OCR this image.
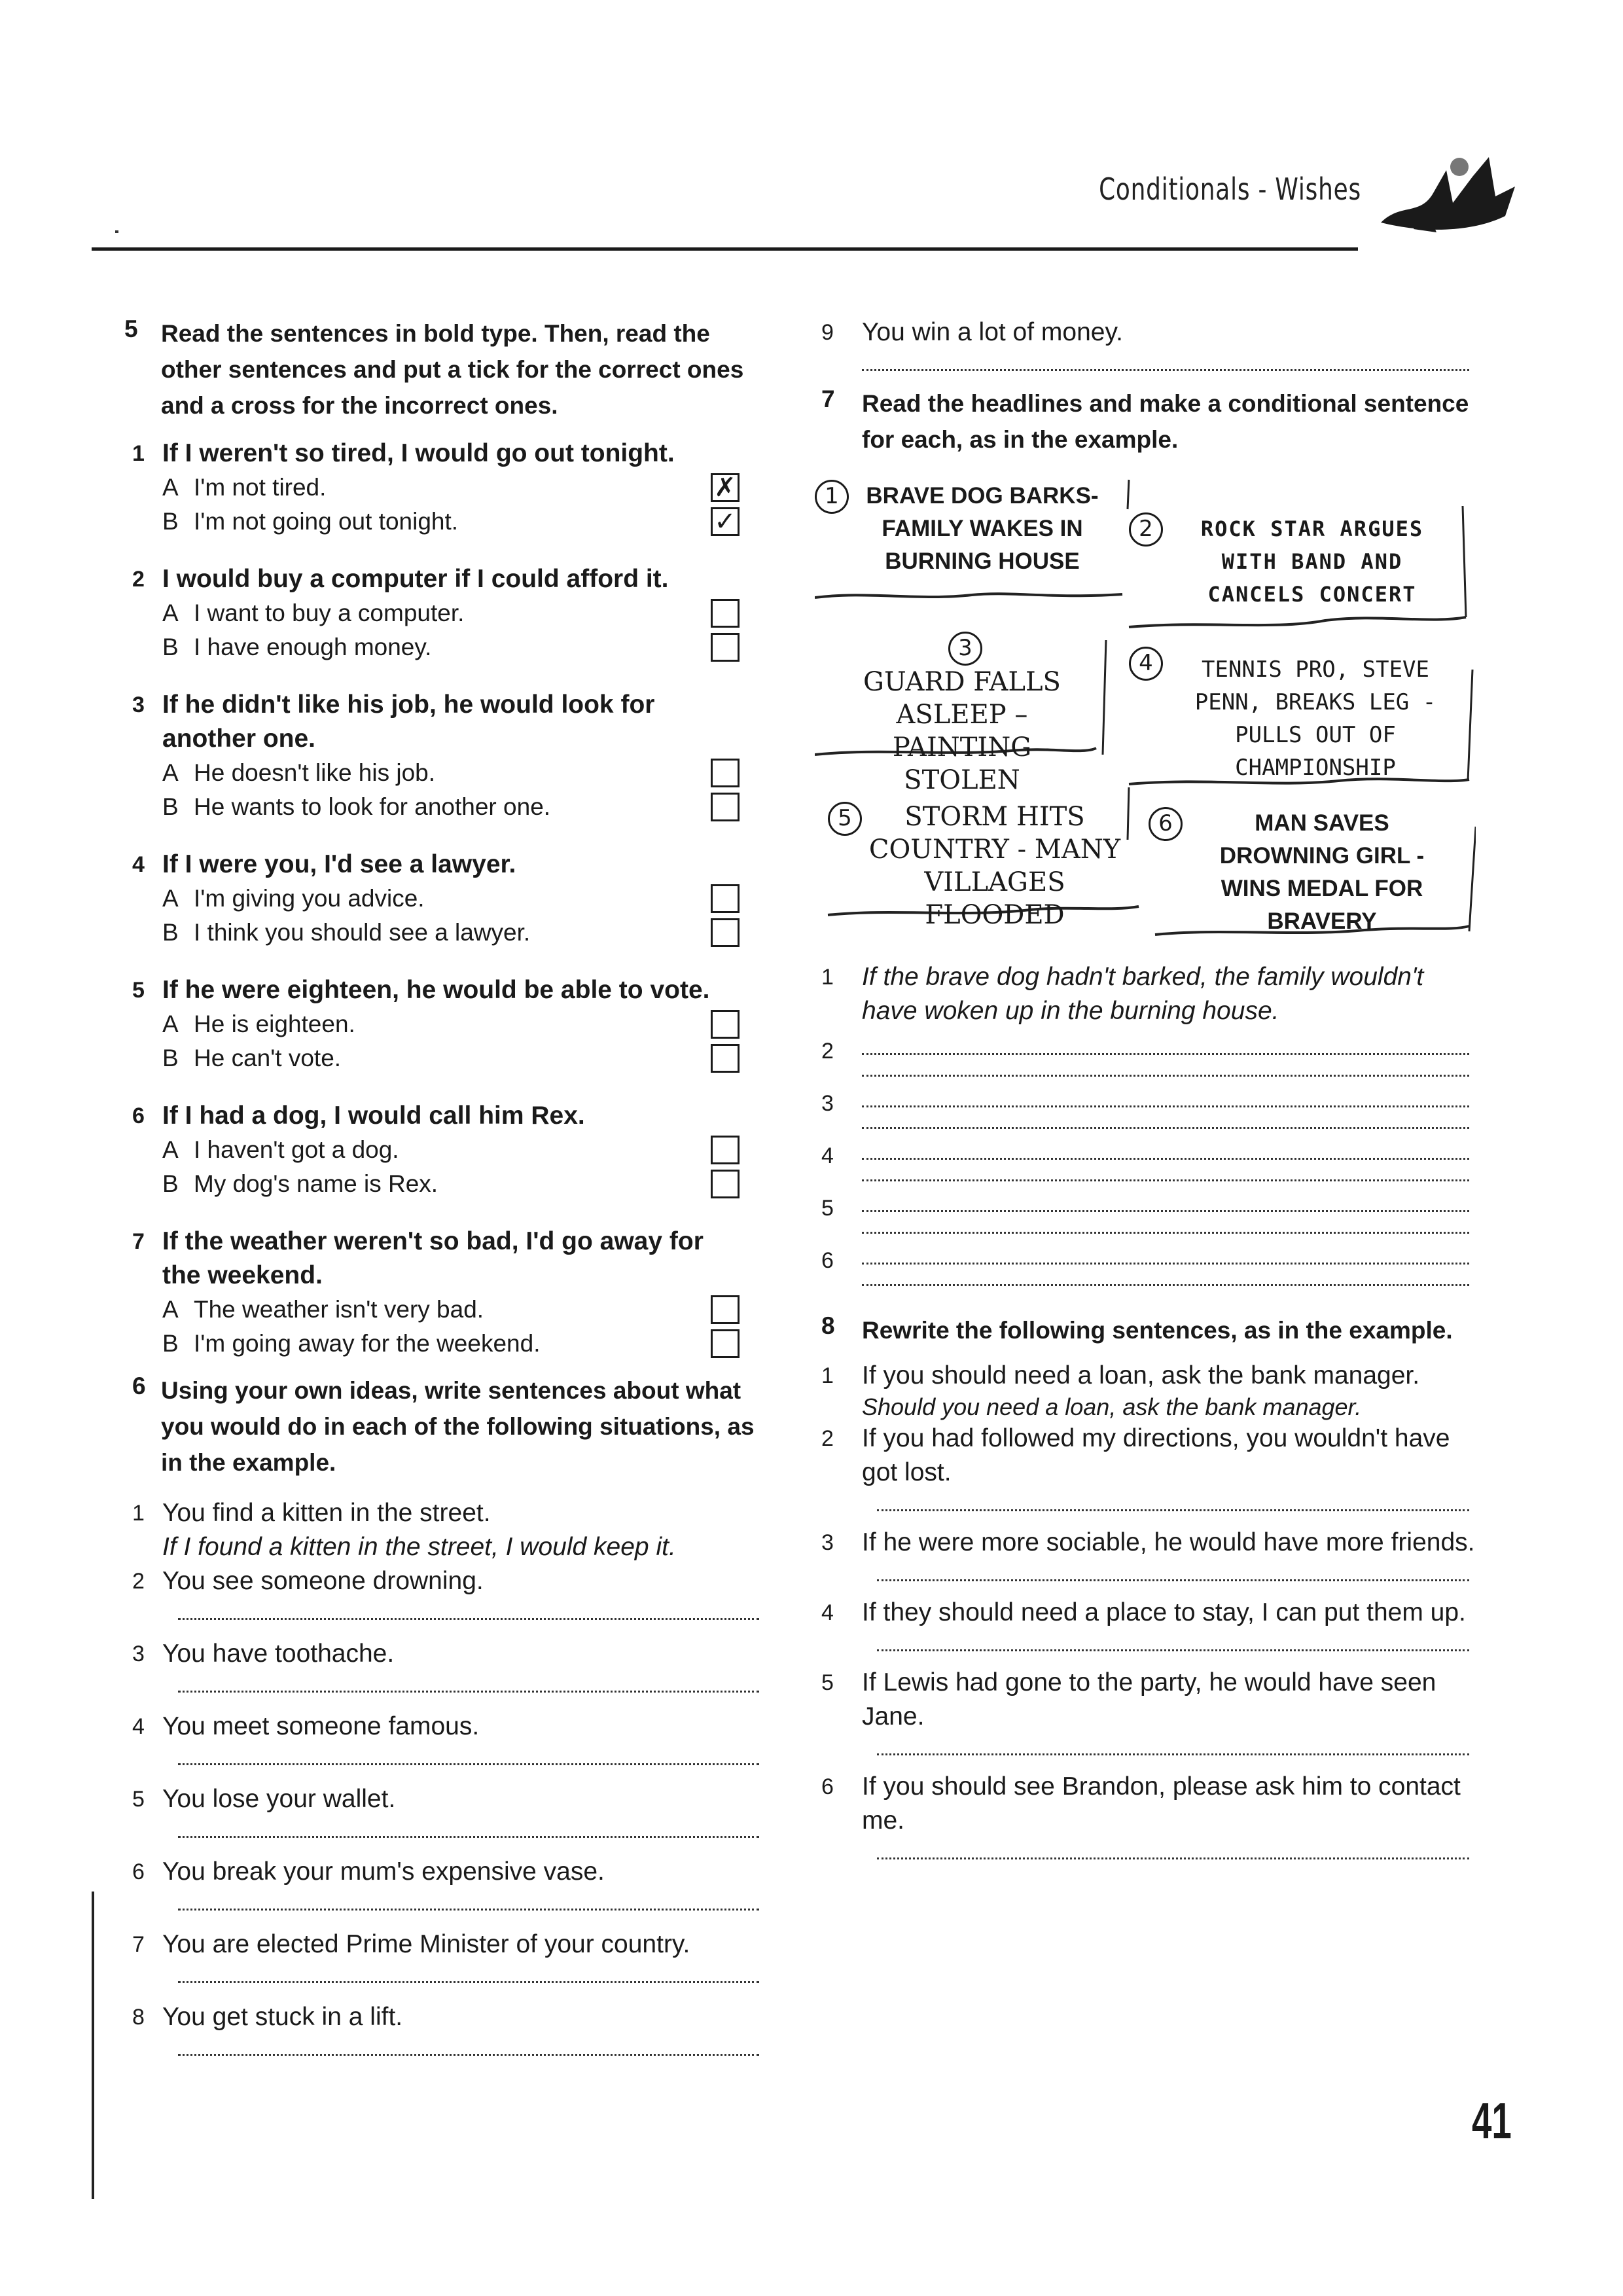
Conditionals - Wishes
5 Read the sentences in bold type. Then, read the other sentences and put a tick for the correct ones and a cross for the incorrect ones.
1 If I weren't so tired, I would go out tonight.
A I'm not tired.	✗
B I'm not going out tonight.	✓
2 I would buy a computer if I could afford it.
A I want to buy a computer.
B I have enough money.
3 If he didn't like his job, he would look for another one.
A He doesn't like his job.
B He wants to look for another one.
4 If I were you, I'd see a lawyer.
A I'm giving you advice.
B I think you should see a lawyer.
5 If he were eighteen, he would be able to vote.
A He is eighteen.
B He can't vote.
6 If I had a dog, I would call him Rex.
A I haven't got a dog.
B My dog's name is Rex.
7 If the weather weren't so bad, I'd go away for the weekend.
A The weather isn't very bad.
B I'm going away for the weekend.
6 Using your own ideas, write sentences about what you would do in each of the following situations, as in the example.
1 You find a kitten in the street.
If I found a kitten in the street, I would keep it.
2 You see someone drowning.
3 You have toothache.
4 You meet someone famous.
5 You lose your wallet.
6 You break your mum's expensive vase.
7 You are elected Prime Minister of your country.
8 You get stuck in a lift.
9 You win a lot of money.
7 Read the headlines and make a conditional sentence for each, as in the example.
1	BRAVE DOG BARKS- FAMILY WAKES IN BURNING HOUSE
2	ROCK STAR ARGUES WITH BAND AND CANCELS CONCERT
3
GUARD FALLS ASLEEP – PAINTING STOLEN
4	TENNIS PRO, STEVE PENN, BREAKS LEG - PULLS OUT OF CHAMPIONSHIP
5	STORM HITS COUNTRY - MANY VILLAGES FLOODED
6	MAN SAVES DROWNING GIRL - WINS MEDAL FOR BRAVERY
1 If the brave dog hadn't barked, the family wouldn't have woken up in the burning house.
2
3
4
5
6
8 Rewrite the following sentences, as in the example.
1 If you should need a loan, ask the bank manager.
Should you need a loan, ask the bank manager.
2 If you had followed my directions, you wouldn't have got lost.
3 If he were more sociable, he would have more friends.
4 If they should need a place to stay, I can put them up.
5 If Lewis had gone to the party, he would have seen Jane.
6 If you should see Brandon, please ask him to contact me.
41
